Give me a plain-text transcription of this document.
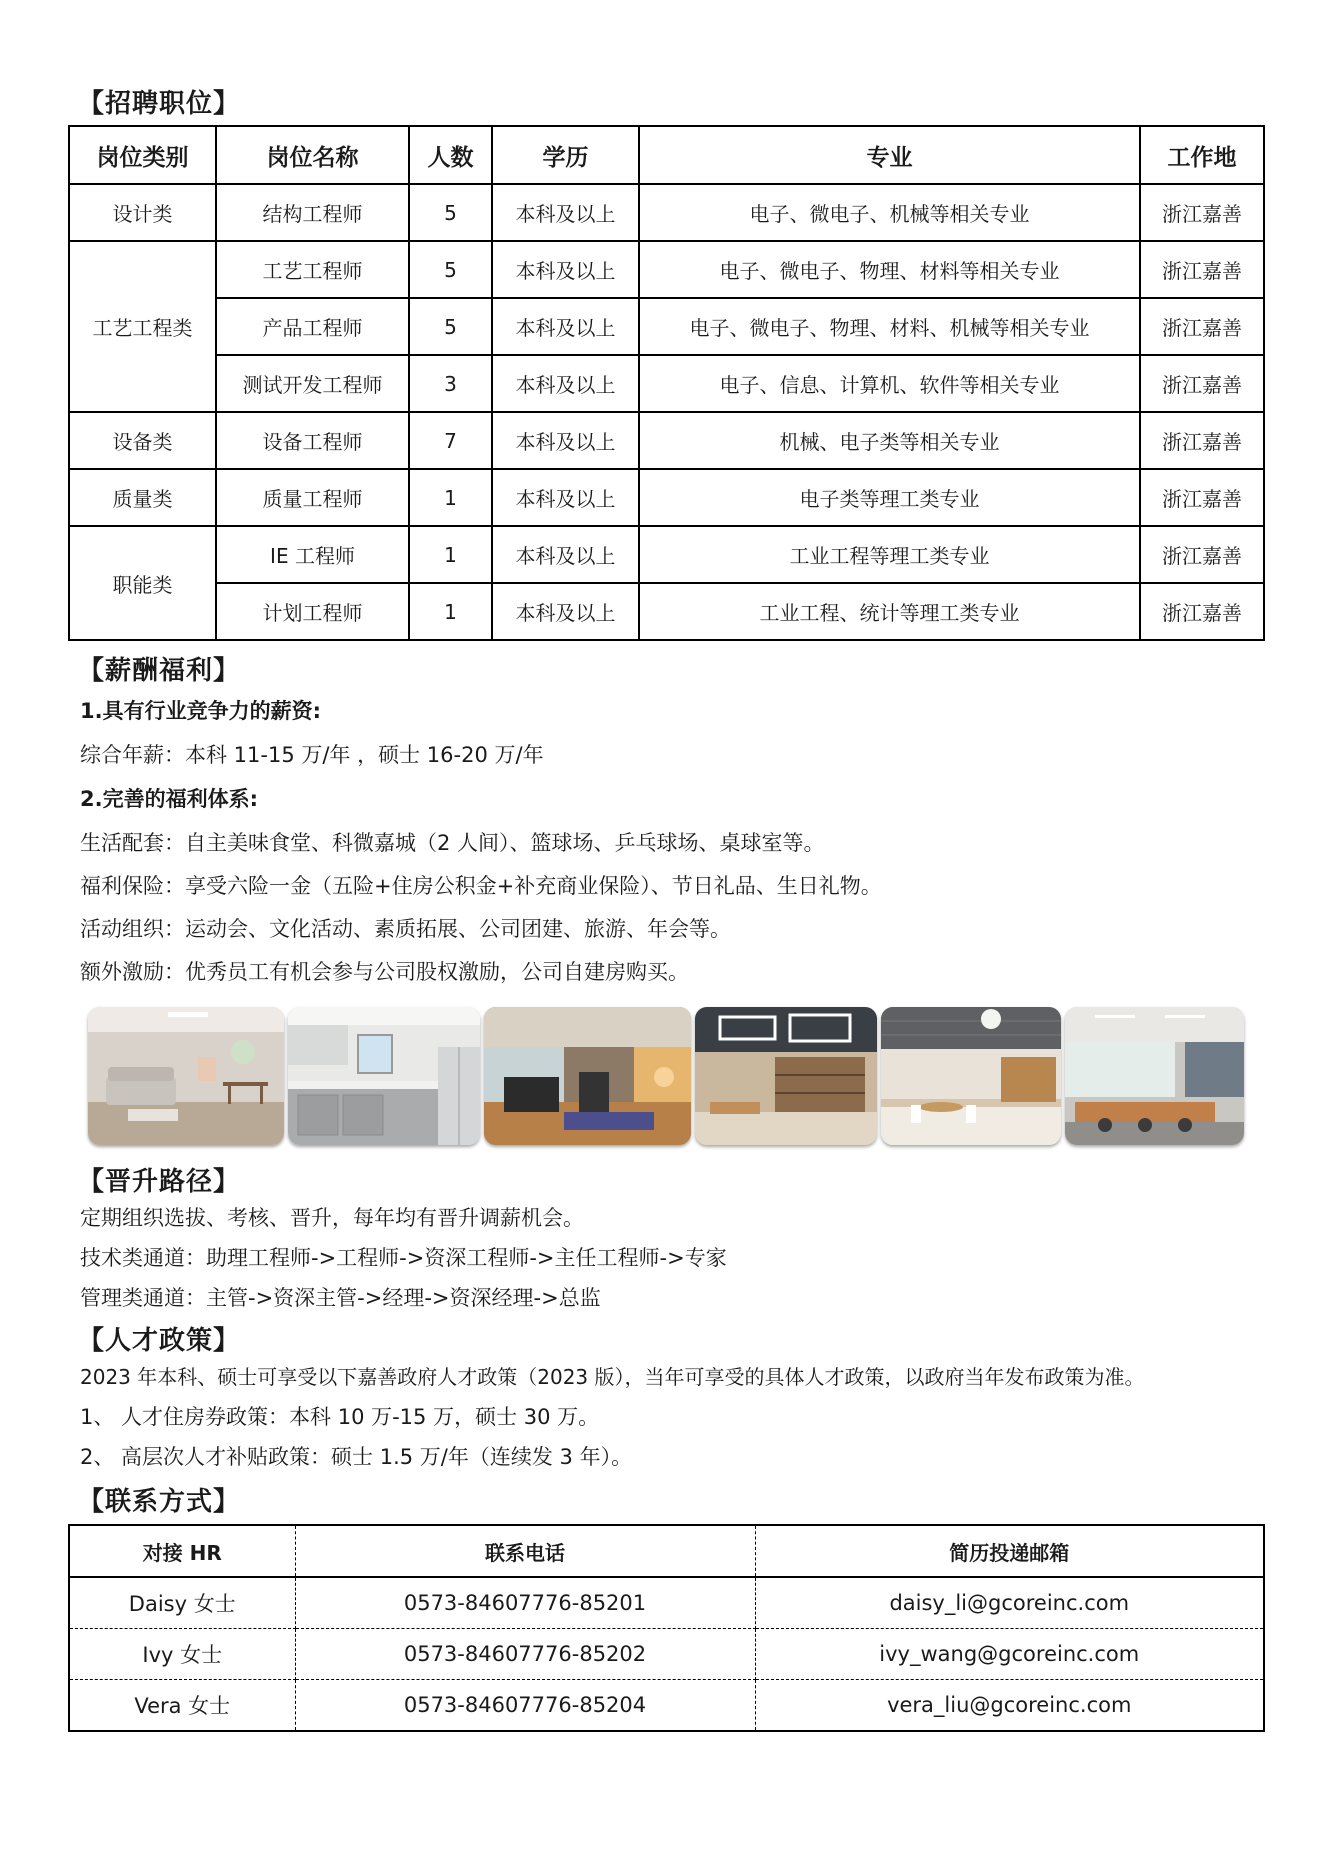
【招聘职位】
岗位类别	岗位名称	人数	学历	专业	工作地
设计类	结构工程师	5	本科及以上	电子、微电子、机械等相关专业	浙江嘉善
工艺工程类	工艺工程师	5	本科及以上	电子、微电子、物理、材料等相关专业	浙江嘉善
	产品工程师	5	本科及以上	电子、微电子、物理、材料、机械等相关专业	浙江嘉善
	测试开发工程师	3	本科及以上	电子、信息、计算机、软件等相关专业	浙江嘉善
设备类	设备工程师	7	本科及以上	机械、电子类等相关专业	浙江嘉善
质量类	质量工程师	1	本科及以上	电子类等理工类专业	浙江嘉善
职能类	IE 工程师	1	本科及以上	工业工程等理工类专业	浙江嘉善
	计划工程师	1	本科及以上	工业工程、统计等理工类专业	浙江嘉善
【薪酬福利】
1.具有行业竞争力的薪资:
综合年薪：本科 11-15 万/年 ，硕士 16-20 万/年
2.完善的福利体系:
生活配套：自主美味食堂、科微嘉城（2 人间）、篮球场、乒乓球场、桌球室等。
福利保险：享受六险一金（五险+住房公积金+补充商业保险）、节日礼品、生日礼物。
活动组织：运动会、文化活动、素质拓展、公司团建、旅游、年会等。
额外激励：优秀员工有机会参与公司股权激励，公司自建房购买。
【晋升路径】
定期组织选拔、考核、晋升，每年均有晋升调薪机会。
技术类通道：助理工程师->工程师->资深工程师->主任工程师->专家
管理类通道：主管->资深主管->经理->资深经理->总监
【人才政策】
2023 年本科、硕士可享受以下嘉善政府人才政策（2023 版），当年可享受的具体人才政策，以政府当年发布政策为准。
1、 人才住房券政策：本科 10 万-15 万，硕士 30 万。
2、 高层次人才补贴政策：硕士 1.5 万/年（连续发 3 年）。
【联系方式】
对接 HR	联系电话	简历投递邮箱
Daisy 女士	0573-84607776-85201	daisy_li@gcoreinc.com
Ivy 女士	0573-84607776-85202	ivy_wang@gcoreinc.com
Vera 女士	0573-84607776-85204	vera_liu@gcoreinc.com
